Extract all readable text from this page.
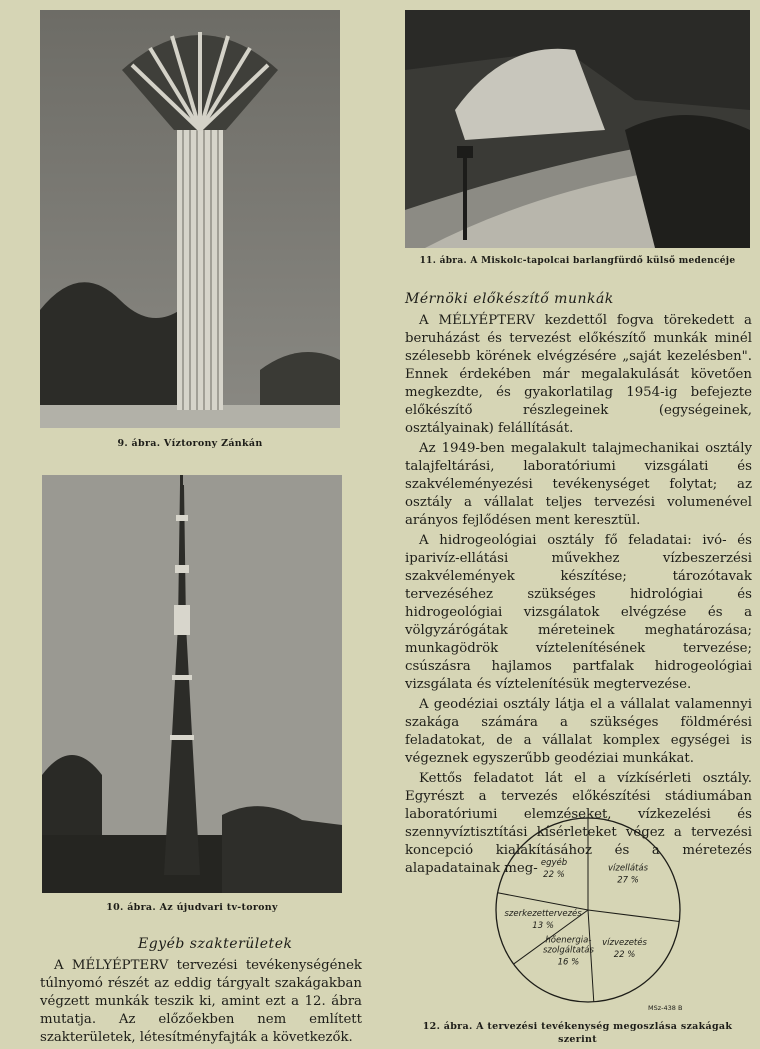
9. ábra. Víztorony Zánkán
10. ábra. Az újudvari tv-torony
11. ábra. A Miskolc-tapolcai barlangfürdő külső medencéje
Mérnöki előkészítő munkák

A MÉLYÉPTERV kezdettől fogva törekedett a beruházást és tervezést előkészítő munkák minél szélesebb körének elvégzésére „saját kezelésben". Ennek érdekében már megalakulását követően megkezdte, és gyakorlatilag 1954-ig befejezte előkészítő részlegeinek (egységeinek, osztályainak) felállítását.

Az 1949-ben megalakult talajmechanikai osztály talajfeltárási, laboratóriumi vizsgálati és szakvéleményezési tevékenységet folytat; az osztály a vállalat teljes tervezési volumenével arányos fejlődésen ment keresztül.

A hidrogeológiai osztály fő feladatai: ivó- és iparivíz-ellátási művekhez vízbeszerzési szakvélemények készítése; tározótavak tervezéséhez szükséges hidrológiai és hidrogeológiai vizsgálatok elvégzése és a völgyzárógátak méreteinek meghatározása; munkagödrök víztelenítésének tervezése; csúszásra hajlamos partfalak hidrogeológiai vizsgálata és víztelenítésük megtervezése.

A geodéziai osztály látja el a vállalat valamennyi szakága számára a szükséges földmérési feladatokat, de a vállalat komplex egységei is végeznek egyszerűbb geodéziai munkákat.

Kettős feladatot lát el a vízkísérleti osztály. Egyrészt a tervezés előkészítési stádiumában laboratóriumi elemzéseket, vízkezelési és szennyvíztisztítási kísérleteket végez a tervezési koncepció kialakításához és a méretezés alapadatainak meg-

Egyéb szakterületek

A MÉLYÉPTERV tervezési tevékenységének túlnyomó részét az eddig tárgyalt szakágakban végzett munkák teszik ki, amint ezt a 12. ábra mutatja. Az előzőekben nem említett szakterületek, létesítményfajták a következők.

vízellátás
27 %
vízvezetés
22 %
hőenergia-
szolgáltatás
16 %
szerkezettervezés
13 %
egyéb
22 %
MSz-438 B
12. ábra. A tervezési tevékenység megoszlása szakágak
szerint
